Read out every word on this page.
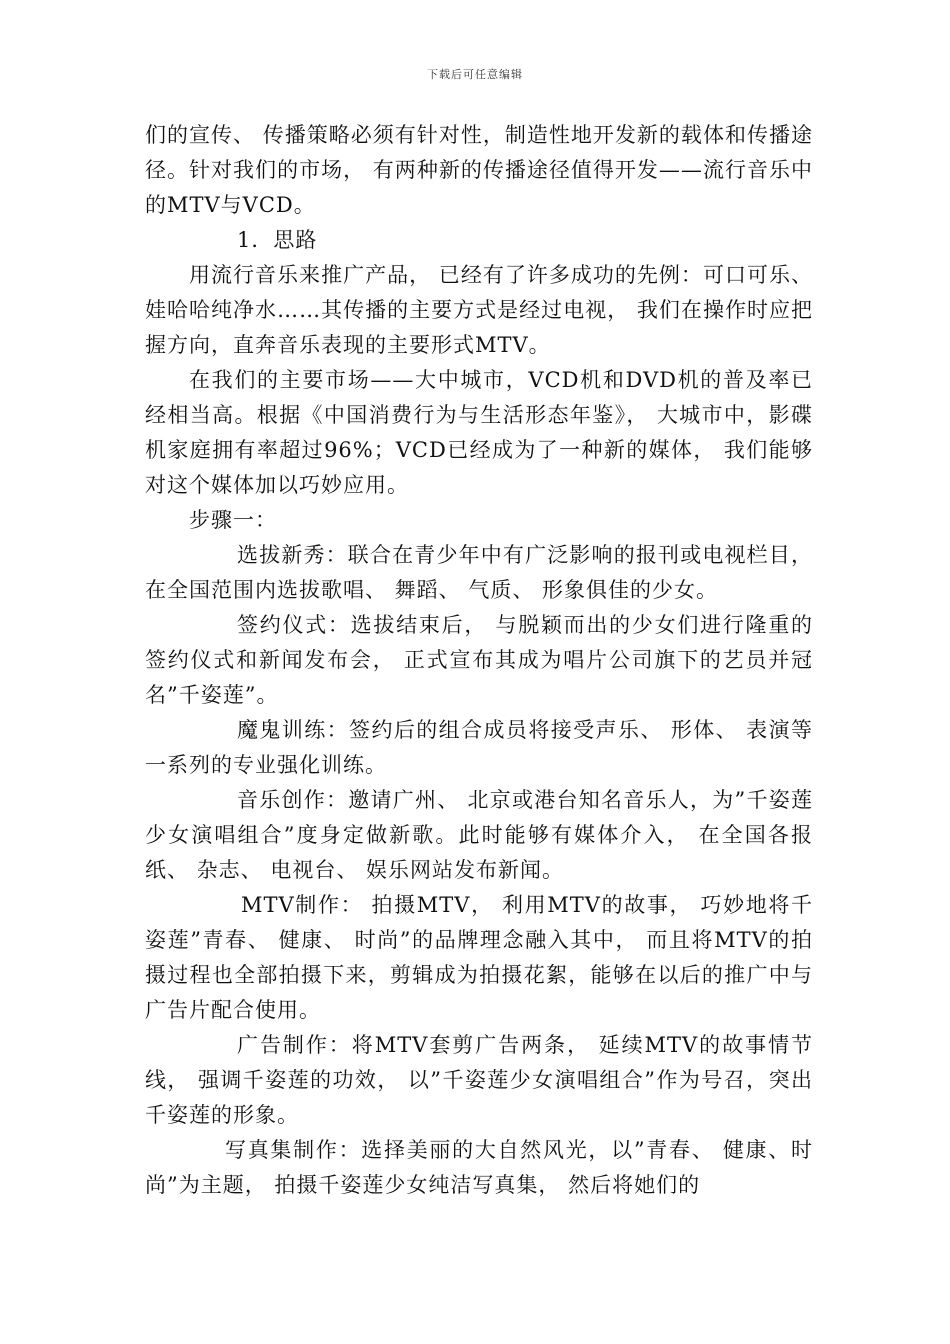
下载后可任意编辑

们的宣传、 传播策略必须有针对性，制造性地开发新的载体和传播途径。针对我们的市场， 有两种新的传播途径值得开发——流行音乐中的MTV与VCD。

1．思路

用流行音乐来推广产品， 已经有了许多成功的先例：可口可乐、 娃哈哈纯净水……其传播的主要方式是经过电视， 我们在操作时应把握方向，直奔音乐表现的主要形式MTV。

在我们的主要市场——大中城市，VCD机和DVD机的普及率已经相当高。根据《中国消费行为与生活形态年鉴》， 大城市中，影碟机家庭拥有率超过96%；VCD已经成为了一种新的媒体， 我们能够对这个媒体加以巧妙应用。

步骤一：

选拔新秀：联合在青少年中有广泛影响的报刊或电视栏目，在全国范围内选拔歌唱、 舞蹈、 气质、 形象俱佳的少女。

签约仪式：选拔结束后， 与脱颖而出的少女们进行隆重的签约仪式和新闻发布会， 正式宣布其成为唱片公司旗下的艺员并冠名”千姿莲”。

魔鬼训练：签约后的组合成员将接受声乐、 形体、 表演等一系列的专业强化训练。

音乐创作：邀请广州、 北京或港台知名音乐人，为”千姿莲少女演唱组合”度身定做新歌。此时能够有媒体介入， 在全国各报纸、 杂志、 电视台、 娱乐网站发布新闻。

MTV制作： 拍摄MTV， 利用MTV的故事， 巧妙地将千姿莲”青春、 健康、 时尚”的品牌理念融入其中， 而且将MTV的拍摄过程也全部拍摄下来，剪辑成为拍摄花絮，能够在以后的推广中与广告片配合使用。

广告制作：将MTV套剪广告两条， 延续MTV的故事情节线， 强调千姿莲的功效， 以”千姿莲少女演唱组合”作为号召，突出千姿莲的形象。

写真集制作：选择美丽的大自然风光，以”青春、 健康、时尚”为主题， 拍摄千姿莲少女纯洁写真集， 然后将她们的
